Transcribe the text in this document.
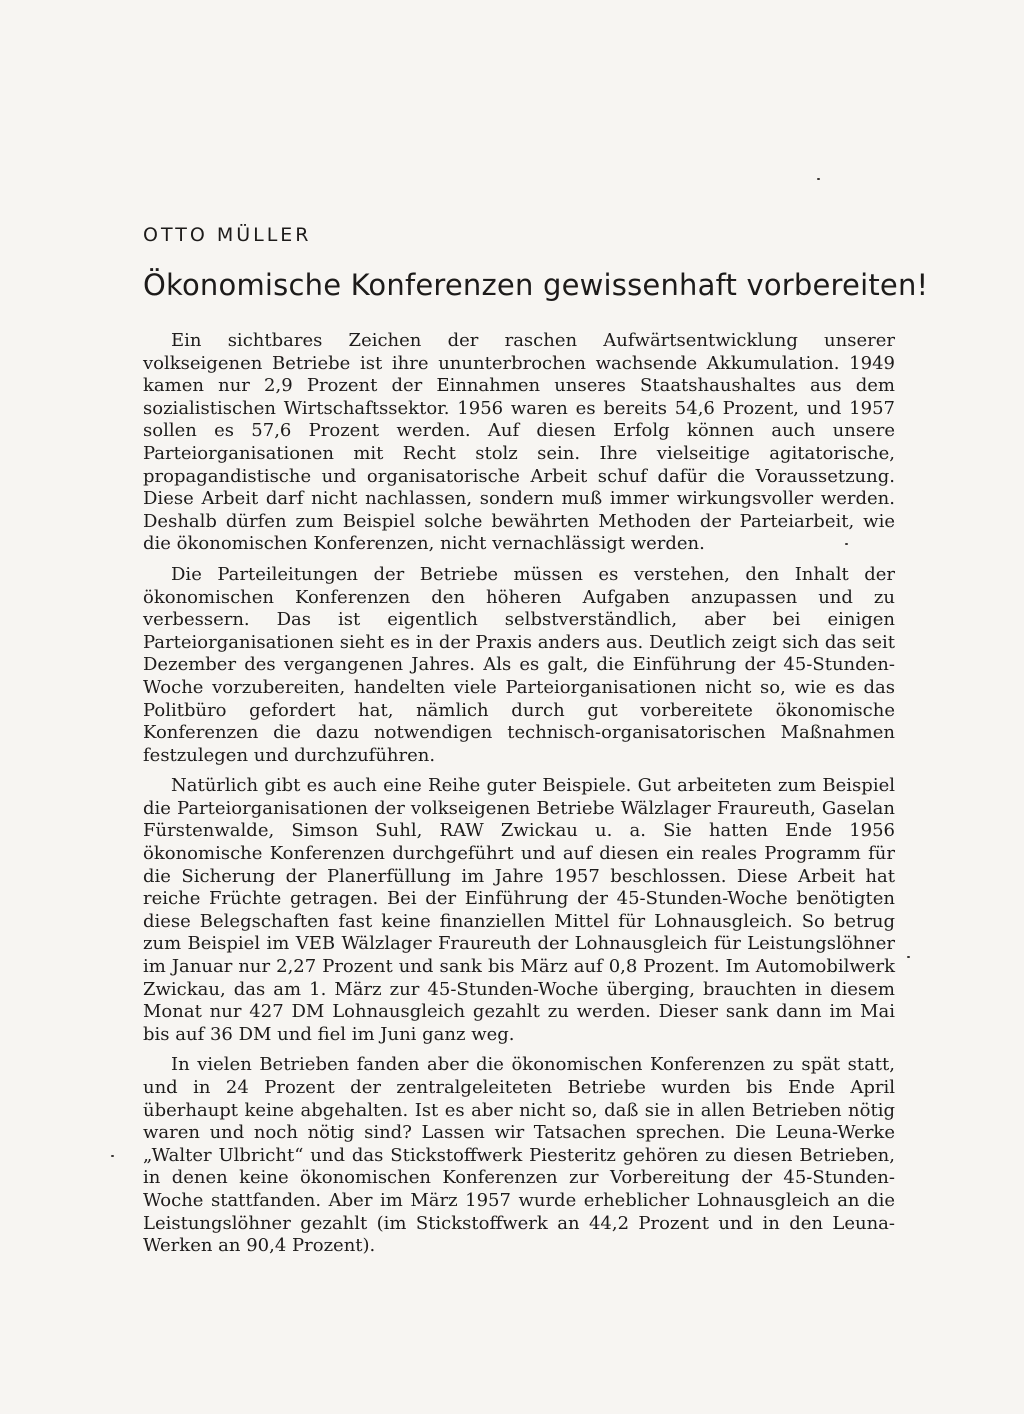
OTTO MÜLLER
Ökonomische Konferenzen gewissenhaft vorbereiten!

Ein sichtbares Zeichen der raschen Aufwärtsentwicklung unserer volkseigenen Betriebe ist ihre ununterbrochen wachsende Akkumulation. 1949 kamen nur 2,9 Prozent der Einnahmen unseres Staatshaushaltes aus dem sozialistischen Wirtschaftssektor. 1956 waren es bereits 54,6 Prozent, und 1957 sollen es 57,6 Prozent werden. Auf diesen Erfolg können auch unsere Parteiorganisationen mit Recht stolz sein. Ihre vielseitige agitatorische, propagandistische und organisatorische Arbeit schuf dafür die Voraussetzung. Diese Arbeit darf nicht nachlassen, sondern muß immer wirkungsvoller werden. Deshalb dürfen zum Beispiel solche bewährten Methoden der Parteiarbeit, wie die ökonomischen Konferenzen, nicht vernachlässigt werden.

Die Parteileitungen der Betriebe müssen es verstehen, den Inhalt der ökonomischen Konferenzen den höheren Aufgaben anzupassen und zu verbessern. Das ist eigentlich selbstverständlich, aber bei einigen Parteiorganisationen sieht es in der Praxis anders aus. Deutlich zeigt sich das seit Dezember des vergangenen Jahres. Als es galt, die Einführung der 45-Stunden-Woche vorzubereiten, handelten viele Parteiorganisationen nicht so, wie es das Politbüro gefordert hat, nämlich durch gut vorbereitete ökonomische Konferenzen die dazu notwendigen technisch-organisatorischen Maßnahmen festzulegen und durchzuführen.

Natürlich gibt es auch eine Reihe guter Beispiele. Gut arbeiteten zum Beispiel die Parteiorganisationen der volkseigenen Betriebe Wälzlager Fraureuth, Gaselan Fürstenwalde, Simson Suhl, RAW Zwickau u. a. Sie hatten Ende 1956 ökonomische Konferenzen durchgeführt und auf diesen ein reales Programm für die Sicherung der Planerfüllung im Jahre 1957 beschlossen. Diese Arbeit hat reiche Früchte getragen. Bei der Einführung der 45-Stunden-Woche benötigten diese Belegschaften fast keine finanziellen Mittel für Lohnausgleich. So betrug zum Beispiel im VEB Wälzlager Fraureuth der Lohnausgleich für Leistungslöhner im Januar nur 2,27 Prozent und sank bis März auf 0,8 Prozent. Im Automobilwerk Zwickau, das am 1. März zur 45-Stunden-Woche überging, brauchten in diesem Monat nur 427 DM Lohnausgleich gezahlt zu werden. Dieser sank dann im Mai bis auf 36 DM und fiel im Juni ganz weg.

In vielen Betrieben fanden aber die ökonomischen Konferenzen zu spät statt, und in 24 Prozent der zentralgeleiteten Betriebe wurden bis Ende April überhaupt keine abgehalten. Ist es aber nicht so, daß sie in allen Betrieben nötig waren und noch nötig sind? Lassen wir Tatsachen sprechen. Die Leuna-Werke „Walter Ulbricht“ und das Stickstoffwerk Piesteritz gehören zu diesen Betrieben, in denen keine ökonomischen Konferenzen zur Vorbereitung der 45-Stunden-Woche stattfanden. Aber im März 1957 wurde erheblicher Lohnausgleich an die Leistungslöhner gezahlt (im Stickstoffwerk an 44,2 Prozent und in den Leuna-Werken an 90,4 Prozent).
